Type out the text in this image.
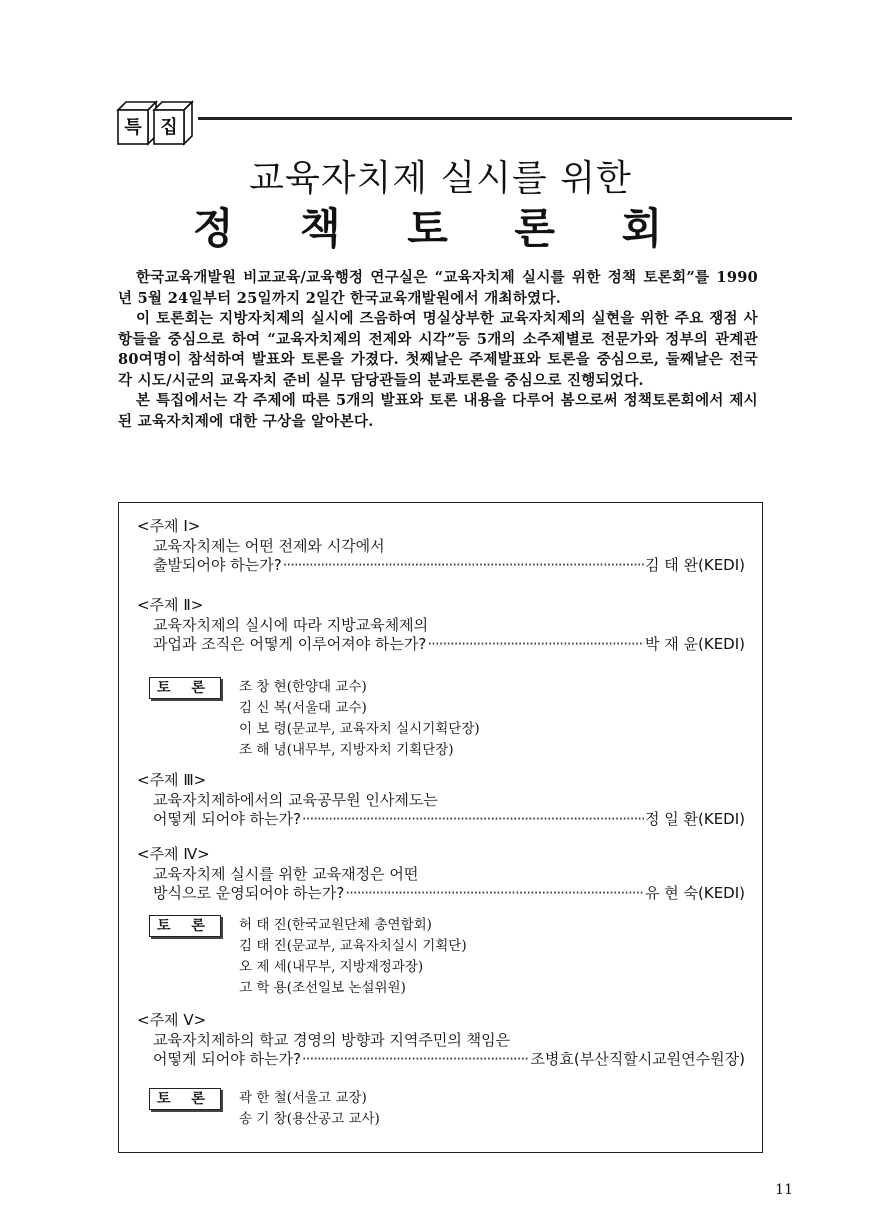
특 집
교육자치제 실시를 위한
정 책 토 론 회

한국교육개발원 비교교육/교육행정 연구실은 “교육자치제 실시를 위한 정책 토론회”를 1990년 5월 24일부터 25일까지 2일간 한국교육개발원에서 개최하였다.

이 토론회는 지방자치제의 실시에 즈음하여 명실상부한 교육자치제의 실현을 위한 주요 쟁점 사항들을 중심으로 하여 “교육자치제의 전제와 시각”등 5개의 소주제별로 전문가와 정부의 관계관 80여명이 참석하여 발표와 토론을 가졌다. 첫째날은 주제발표와 토론을 중심으로, 둘째날은 전국 각 시도/시군의 교육자치 준비 실무 담당관들의 분과토론을 중심으로 진행되었다.

본 특집에서는 각 주제에 따른 5개의 발표와 토론 내용을 다루어 봄으로써 정책토론회에서 제시된 교육자치제에 대한 구상을 알아본다.

<주제 Ⅰ>
교육자치제는 어떤 전제와 시각에서
출발되어야 하는가? ·····	김 태 완(KEDI)
<주제 Ⅱ>
교육자치제의 실시에 따라 지방교육체제의
과업과 조직은 어떻게 이루어져야 하는가? ·····	박 재 윤(KEDI)
토 론	조 창 현(한양대 교수)
김 신 복(서울대 교수)
이 보 령(문교부, 교육자치 실시기획단장)
조 해 녕(내무부, 지방자치 기획단장)
<주제 Ⅲ>
교육자치제하에서의 교육공무원 인사제도는
어떻게 되어야 하는가? ·····	정 일 환(KEDI)
<주제 Ⅳ>
교육자치제 실시를 위한 교육재정은 어떤
방식으로 운영되어야 하는가? ·····	유 현 숙(KEDI)
토 론	허 태 진(한국교원단체 총연합회)
김 태 진(문교부, 교육자치실시 기획단)
오 제 세(내무부, 지방재정과장)
고 학 용(조선일보 논설위원)
<주제 Ⅴ>
교육자치제하의 학교 경영의 방향과 지역주민의 책임은
어떻게 되어야 하는가? ·····	조병효(부산직할시교원연수원장)
토 론	곽 한 철(서울고 교장)
송 기 창(용산공고 교사)
11
